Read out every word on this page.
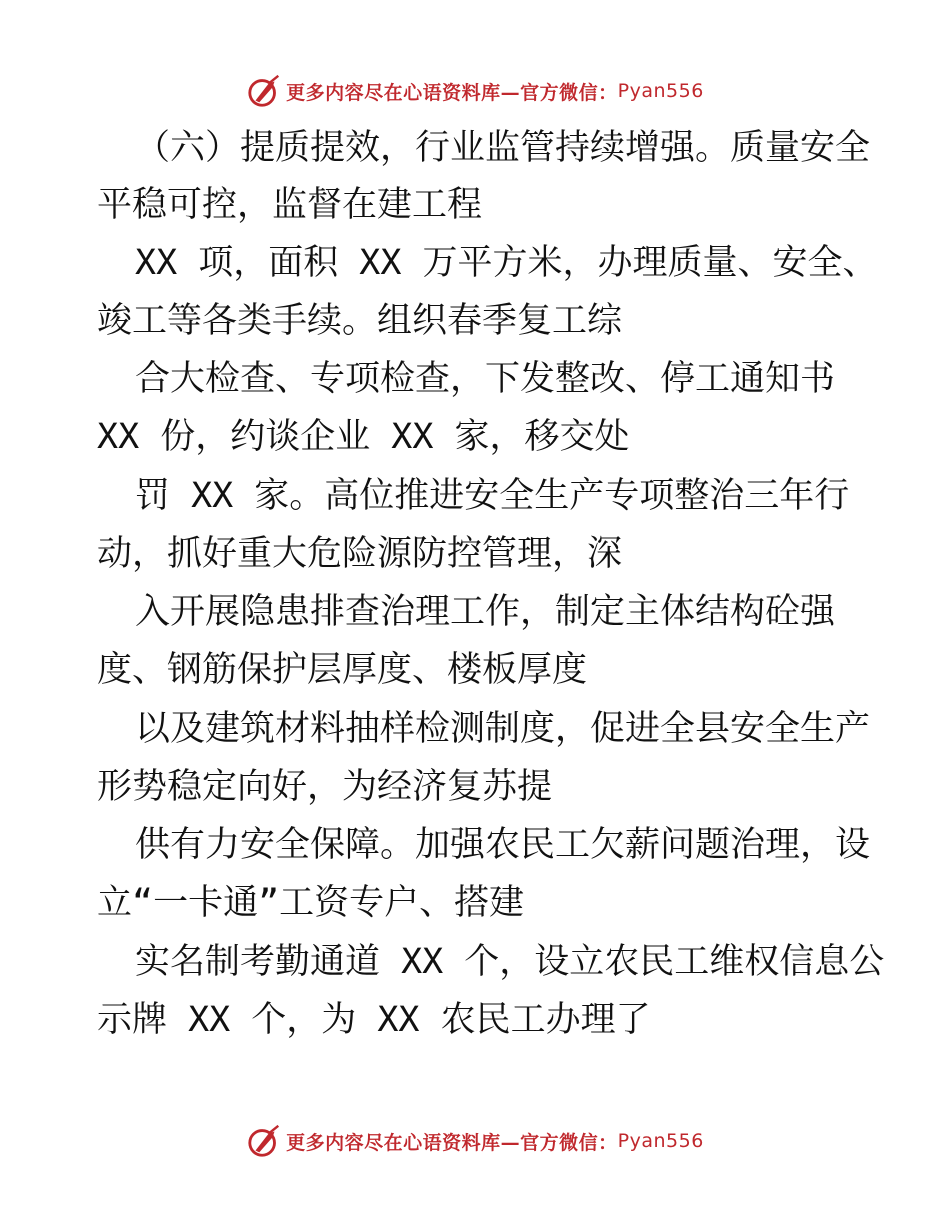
更多内容尽在心语资料库—官方微信： Pyan556
（六）提质提效，行业监管持续增强。质量安全
平稳可控，监督在建工程
XX 项，面积 XX 万平方米，办理质量、安全、
竣工等各类手续。组织春季复工综
合大检查、专项检查，下发整改、停工通知书
XX 份，约谈企业 XX 家，移交处
罚 XX 家。高位推进安全生产专项整治三年行
动，抓好重大危险源防控管理，深
入开展隐患排查治理工作，制定主体结构砼强
度、钢筋保护层厚度、楼板厚度
以及建筑材料抽样检测制度，促进全县安全生产
形势稳定向好，为经济复苏提
供有力安全保障。加强农民工欠薪问题治理，设
立“一卡通”工资专户、搭建
实名制考勤通道 XX 个，设立农民工维权信息公
示牌 XX 个，为 XX 农民工办理了
更多内容尽在心语资料库—官方微信： Pyan556
